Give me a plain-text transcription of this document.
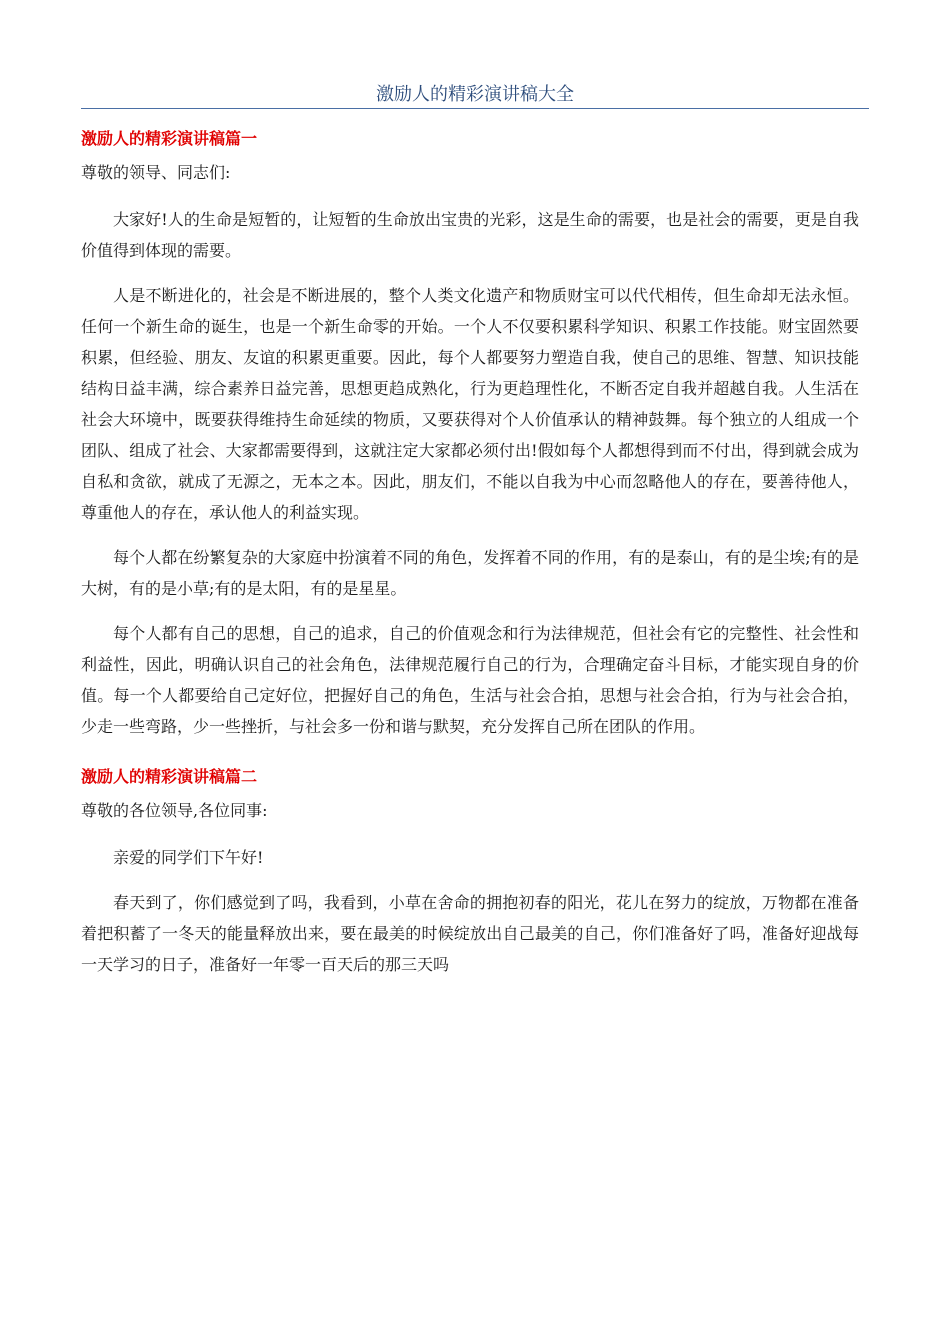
激励人的精彩演讲稿大全
激励人的精彩演讲稿篇一
尊敬的领导、同志们:

大家好!人的生命是短暂的，让短暂的生命放出宝贵的光彩，这是生命的需要，也是社会的需要，更是自我价值得到体现的需要。

人是不断进化的，社会是不断进展的，整个人类文化遗产和物质财宝可以代代相传，但生命却无法永恒。任何一个新生命的诞生，也是一个新生命零的开始。一个人不仅要积累科学知识、积累工作技能。财宝固然要积累，但经验、朋友、友谊的积累更重要。因此，每个人都要努力塑造自我，使自己的思维、智慧、知识技能结构日益丰满，综合素养日益完善，思想更趋成熟化，行为更趋理性化，不断否定自我并超越自我。人生活在社会大环境中，既要获得维持生命延续的物质，又要获得对个人价值承认的精神鼓舞。每个独立的人组成一个团队、组成了社会、大家都需要得到，这就注定大家都必须付出!假如每个人都想得到而不付出，得到就会成为自私和贪欲，就成了无源之，无本之本。因此，朋友们，不能以自我为中心而忽略他人的存在，要善待他人，尊重他人的存在，承认他人的利益实现。

每个人都在纷繁复杂的大家庭中扮演着不同的角色，发挥着不同的作用，有的是泰山，有的是尘埃;有的是大树，有的是小草;有的是太阳，有的是星星。

每个人都有自己的思想，自己的追求，自己的价值观念和行为法律规范，但社会有它的完整性、社会性和利益性，因此，明确认识自己的社会角色，法律规范履行自己的行为，合理确定奋斗目标，才能实现自身的价值。每一个人都要给自己定好位，把握好自己的角色，生活与社会合拍，思想与社会合拍，行为与社会合拍，少走一些弯路，少一些挫折，与社会多一份和谐与默契，充分发挥自己所在团队的作用。

激励人的精彩演讲稿篇二
尊敬的各位领导,各位同事:

亲爱的同学们下午好!

春天到了，你们感觉到了吗，我看到，小草在舍命的拥抱初春的阳光，花儿在努力的绽放，万物都在准备着把积蓄了一冬天的能量释放出来，要在最美的时候绽放出自己最美的自己，你们准备好了吗，准备好迎战每一天学习的日子，准备好一年零一百天后的那三天吗
